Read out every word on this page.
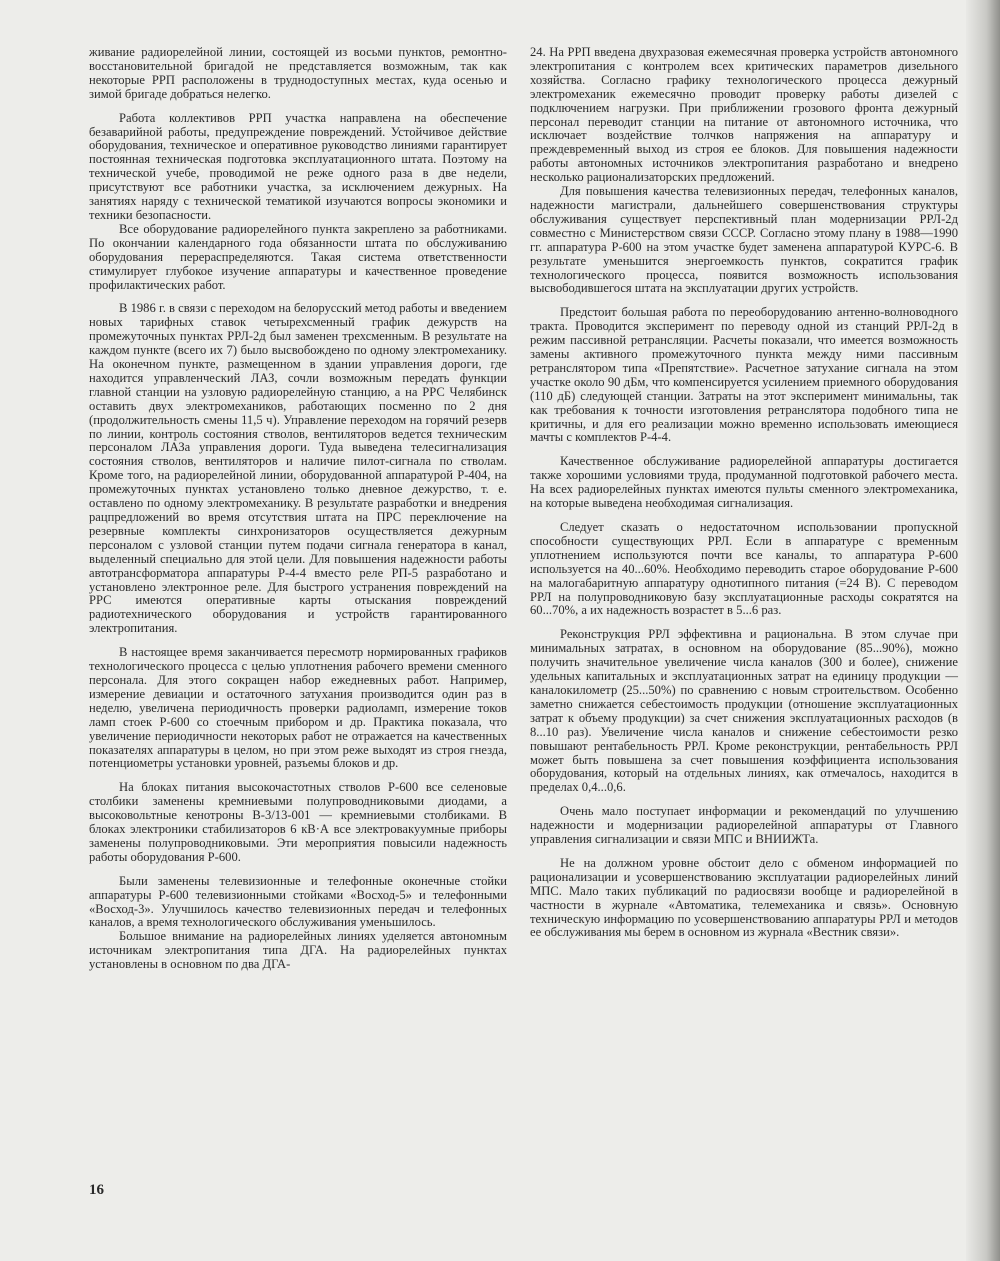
живание радиорелейной линии, состоящей из восьми пунктов, ремонтно-восстановительной бригадой не представляется возможным, так как некоторые РРП расположены в труднодоступных местах, куда осенью и зимой бригаде добраться нелегко.

Работа коллективов РРП участка направлена на обеспечение безаварийной работы, предупреждение повреждений. Устойчивое действие оборудования, техническое и оперативное руководство линиями гарантирует постоянная техническая подготовка эксплуатационного штата. Поэтому на технической учебе, проводимой не реже одного раза в две недели, присутствуют все работники участка, за исключением дежурных. На занятиях наряду с технической тематикой изучаются вопросы экономики и техники безопасности.

Все оборудование радиорелейного пункта закреплено за работниками. По окончании календарного года обязанности штата по обслуживанию оборудования перераспределяются. Такая система ответственности стимулирует глубокое изучение аппаратуры и качественное проведение профилактических работ.

В 1986 г. в связи с переходом на белорусский метод работы и введением новых тарифных ставок четырехсменный график дежурств на промежуточных пунктах РРЛ-2д был заменен трехсменным. В результате на каждом пункте (всего их 7) было высвобождено по одному электромеханику. На оконечном пункте, размещенном в здании управления дороги, где находится управленческий ЛАЗ, сочли возможным передать функции главной станции на узловую радиорелейную станцию, а на РРС Челябинск оставить двух электромехаников, работающих посменно по 2 дня (продолжительность смены 11,5 ч). Управление переходом на горячий резерв по линии, контроль состояния стволов, вентиляторов ведется техническим персоналом ЛАЗа управления дороги. Туда выведена телесигнализация состояния стволов, вентиляторов и наличие пилот-сигнала по стволам. Кроме того, на радиорелейной линии, оборудованной аппаратурой Р-404, на промежуточных пунктах установлено только дневное дежурство, т. е. оставлено по одному электромеханику. В результате разработки и внедрения рацпредложений во время отсутствия штата на ПРС переключение на резервные комплекты синхронизаторов осуществляется дежурным персоналом с узловой станции путем подачи сигнала генератора в канал, выделенный специально для этой цели. Для повышения надежности работы автотрансформатора аппаратуры Р-4-4 вместо реле РП-5 разработано и установлено электронное реле. Для быстрого устранения повреждений на РРС имеются оперативные карты отыскания повреждений радиотехнического оборудования и устройств гарантированного электропитания.

В настоящее время заканчивается пересмотр нормированных графиков технологического процесса с целью уплотнения рабочего времени сменного персонала. Для этого сокращен набор ежедневных работ. Например, измерение девиации и остаточного затухания производится один раз в неделю, увеличена периодичность проверки радиоламп, измерение токов ламп стоек Р-600 со стоечным прибором и др. Практика показала, что увеличение периодичности некоторых работ не отражается на качественных показателях аппаратуры в целом, но при этом реже выходят из строя гнезда, потенциометры установки уровней, разъемы блоков и др.

На блоках питания высокочастотных стволов Р-600 все селеновые столбики заменены кремниевыми полупроводниковыми диодами, а высоковольтные кенотроны В-3/13-001 — кремниевыми столбиками. В блоках электроники стабилизаторов 6 кВ·А все электровакуумные приборы заменены полупроводниковыми. Эти мероприятия повысили надежность работы оборудования Р-600.

Были заменены телевизионные и телефонные оконечные стойки аппаратуры Р-600 телевизионными стойками «Восход-5» и телефонными «Восход-3». Улучшилось качество телевизионных передач и телефонных каналов, а время технологического обслуживания уменьшилось.

Большое внимание на радиорелейных линиях уделяется автономным источникам электропитания типа ДГА. На радиорелейных пунктах установлены в основном по два ДГА-

24. На РРП введена двухразовая ежемесячная проверка устройств автономного электропитания с контролем всех критических параметров дизельного хозяйства. Согласно графику технологического процесса дежурный электромеханик ежемесячно проводит проверку работы дизелей с подключением нагрузки. При приближении грозового фронта дежурный персонал переводит станции на питание от автономного источника, что исключает воздействие толчков напряжения на аппаратуру и преждевременный выход из строя ее блоков. Для повышения надежности работы автономных источников электропитания разработано и внедрено несколько рационализаторских предложений.

Для повышения качества телевизионных передач, телефонных каналов, надежности магистрали, дальнейшего совершенствования структуры обслуживания существует перспективный план модернизации РРЛ-2д совместно с Министерством связи СССР. Согласно этому плану в 1988—1990 гг. аппаратура Р-600 на этом участке будет заменена аппаратурой КУРС-6. В результате уменьшится энергоемкость пунктов, сократится график технологического процесса, появится возможность использования высвободившегося штата на эксплуатации других устройств.

Предстоит большая работа по переоборудованию антенно-волноводного тракта. Проводится эксперимент по переводу одной из станций РРЛ-2д в режим пассивной ретрансляции. Расчеты показали, что имеется возможность замены активного промежуточного пункта между ними пассивным ретранслятором типа «Препятствие». Расчетное затухание сигнала на этом участке около 90 дБм, что компенсируется усилением приемного оборудования (110 дБ) следующей станции. Затраты на этот эксперимент минимальны, так как требования к точности изготовления ретранслятора подобного типа не критичны, и для его реализации можно временно использовать имеющиеся мачты с комплектов Р-4-4.

Качественное обслуживание радиорелейной аппаратуры достигается также хорошими условиями труда, продуманной подготовкой рабочего места. На всех радиорелейных пунктах имеются пульты сменного электромеханика, на которые выведена необходимая сигнализация.

Следует сказать о недостаточном использовании пропускной способности существующих РРЛ. Если в аппаратуре с временным уплотнением используются почти все каналы, то аппаратура Р-600 используется на 40...60%. Необходимо переводить старое оборудование Р-600 на малогабаритную аппаратуру однотипного питания (=24 В). С переводом РРЛ на полупроводниковую базу эксплуатационные расходы сократятся на 60...70%, а их надежность возрастет в 5...6 раз.

Реконструкция РРЛ эффективна и рациональна. В этом случае при минимальных затратах, в основном на оборудование (85...90%), можно получить значительное увеличение числа каналов (300 и более), снижение удельных капитальных и эксплуатационных затрат на единицу продукции — каналокилометр (25...50%) по сравнению с новым строительством. Особенно заметно снижается себестоимость продукции (отношение эксплуатационных затрат к объему продукции) за счет снижения эксплуатационных расходов (в 8...10 раз). Увеличение числа каналов и снижение себестоимости резко повышают рентабельность РРЛ. Кроме реконструкции, рентабельность РРЛ может быть повышена за счет повышения коэффициента использования оборудования, который на отдельных линиях, как отмечалось, находится в пределах 0,4...0,6.

Очень мало поступает информации и рекомендаций по улучшению надежности и модернизации радиорелейной аппаратуры от Главного управления сигнализации и связи МПС и ВНИИЖТа.

Не на должном уровне обстоит дело с обменом информацией по рационализации и усовершенствованию эксплуатации радиорелейных линий МПС. Мало таких публикаций по радиосвязи вообще и радиорелейной в частности в журнале «Автоматика, телемеханика и связь». Основную техническую информацию по усовершенствованию аппаратуры РРЛ и методов ее обслуживания мы берем в основном из журнала «Вестник связи».

16
